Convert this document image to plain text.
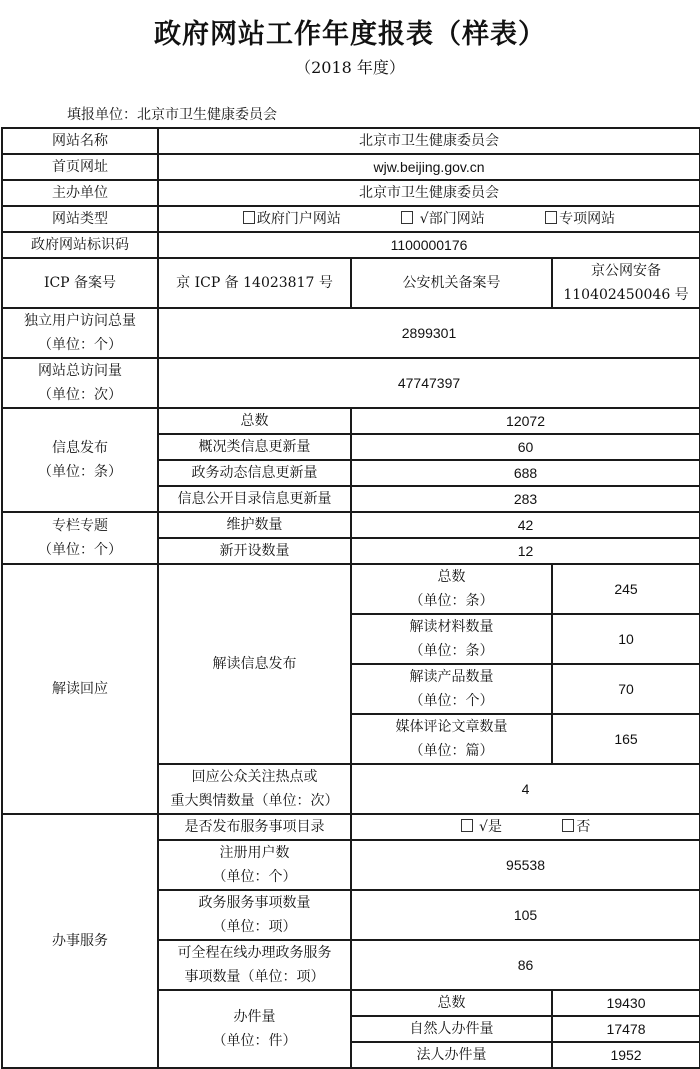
政府网站工作年度报表（样表）
（2018 年度）
填报单位：北京市卫生健康委员会
网站名称	北京市卫生健康委员会		
首页网址	wjw.beijing.gov.cn		
主办单位	北京市卫生健康委员会		
网站类型	政府门户网站 √部门网站 专项网站		
政府网站标识码	1100000176		
ICP 备案号	京 ICP 备 14023817 号	公安机关备案号	京公网安备
110402450046 号

独立用户访问总量
（单位：个）	2899301		

网站总访问量
（单位：次）	47747397		

信息发布
（单位：条）	总数	12072	
	概况类信息更新量	60	
	政务动态信息更新量	688	
	信息公开目录信息更新量	283	

专栏专题
（单位：个）	维护数量	42	
	新开设数量	12	
解读回应	解读信息发布	总数
（单位：条）	245

		解读材料数量
（单位：条）	10

		解读产品数量
（单位：个）	70

		媒体评论文章数量
（单位：篇）	165

	回应公众关注热点或
重大舆情数量（单位：次）	4	
办事服务	是否发布服务事项目录	√是 否	

	注册用户数
（单位：个）	95538	

	政务服务事项数量
（单位：项）	105	

	可全程在线办理政务服务
事项数量（单位：项）	86	

	办件量
（单位：件）	总数	19430
		自然人办件量	17478
		法人办件量	1952
